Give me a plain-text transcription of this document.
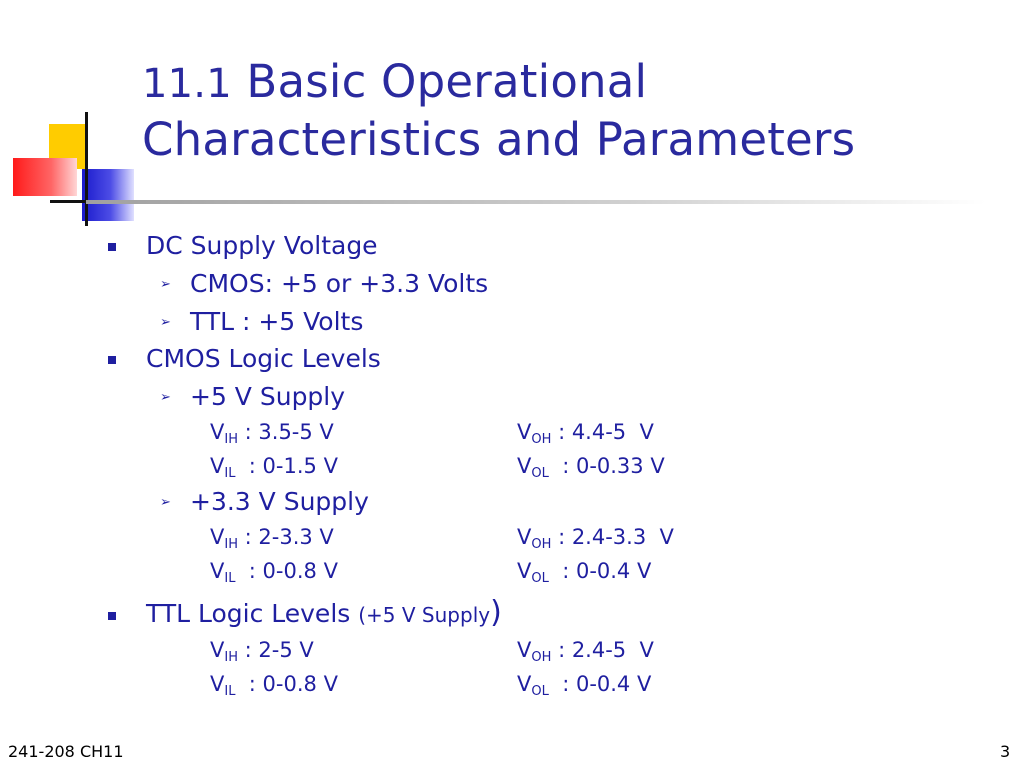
11.1 Basic Operational
Characteristics and Parameters
DC Supply Voltage
➢ CMOS: +5 or +3.3 Volts
➢ TTL : +5 Volts
CMOS Logic Levels
➢ +5 V Supply
$V_{IH}$ : 3.5-5 V	$V_{OH}$ : 4.4-5  V
$V_{IL}$  : 0-1.5 V	$V_{OL}$  : 0-0.33 V
➢ +3.3 V Supply
$V_{IH}$ : 2-3.3 V	$V_{OH}$ : 2.4-3.3  V
$V_{IL}$  : 0-0.8 V	$V_{OL}$  : 0-0.4 V
TTL Logic Levels (+5 V Supply)
$V_{IH}$ : 2-5 V	$V_{OH}$ : 2.4-5  V
$V_{IL}$  : 0-0.8 V	$V_{OL}$  : 0-0.4 V
241-208 CH11	3
